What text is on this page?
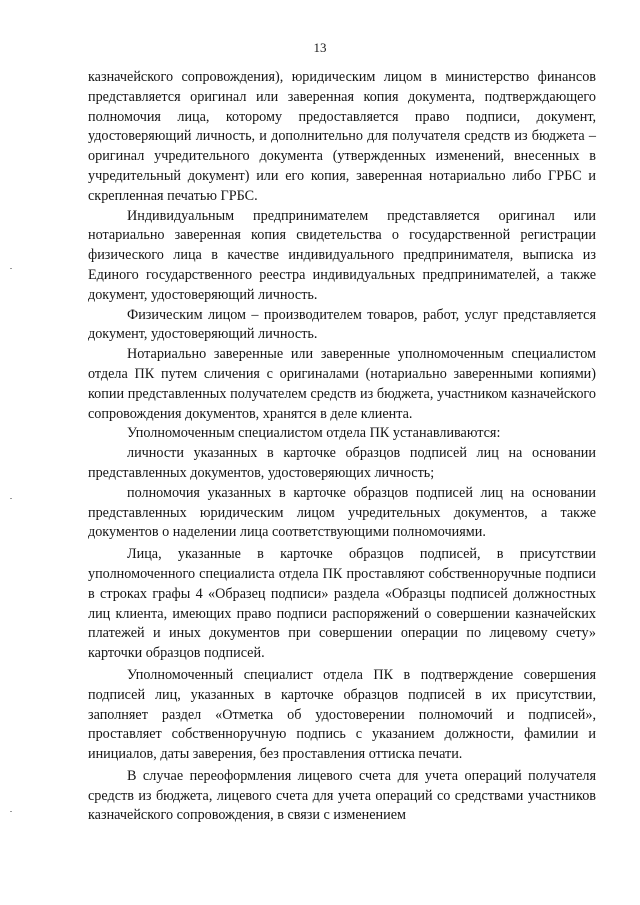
13

казначейского сопровождения), юридическим лицом в министерство финансов представляется оригинал или заверенная копия документа, подтверждающего полномочия лица, которому предоставляется право подписи, документ, удостоверяющий личность, и дополнительно для получателя средств из бюджета – оригинал учредительного документа (утвержденных изменений, внесенных в учредительный документ) или его копия, заверенная нотариально либо ГРБС и скрепленная печатью ГРБС.

Индивидуальным предпринимателем представляется оригинал или нотариально заверенная копия свидетельства о государственной регистрации физического лица в качестве индивидуального предпринимателя, выписка из Единого государственного реестра индивидуальных предпринимателей, а также документ, удостоверяющий личность.

Физическим лицом – производителем товаров, работ, услуг представляется документ, удостоверяющий личность.

Нотариально заверенные или заверенные уполномоченным специалистом отдела ПК путем сличения с оригиналами (нотариально заверенными копиями) копии представленных получателем средств из бюджета, участником казначейского сопровождения документов, хранятся в деле клиента.

Уполномоченным специалистом отдела ПК устанавливаются:

личности указанных в карточке образцов подписей лиц на основании представленных документов, удостоверяющих личность;

полномочия указанных в карточке образцов подписей лиц на основании представленных юридическим лицом учредительных документов, а также документов о наделении лица соответствующими полномочиями.

Лица, указанные в карточке образцов подписей, в присутствии уполномоченного специалиста отдела ПК проставляют собственноручные подписи в строках графы 4 «Образец подписи» раздела «Образцы подписей должностных лиц клиента, имеющих право подписи распоряжений о совершении казначейских платежей и иных документов при совершении операции по лицевому счету» карточки образцов подписей.

Уполномоченный специалист отдела ПК в подтверждение совершения подписей лиц, указанных в карточке образцов подписей в их присутствии, заполняет раздел «Отметка об удостоверении полномочий и подписей», проставляет собственноручную подпись с указанием должности, фамилии и инициалов, даты заверения, без проставления оттиска печати.

В случае переоформления лицевого счета для учета операций получателя средств из бюджета, лицевого счета для учета операций со средствами участников казначейского сопровождения, в связи с изменением
